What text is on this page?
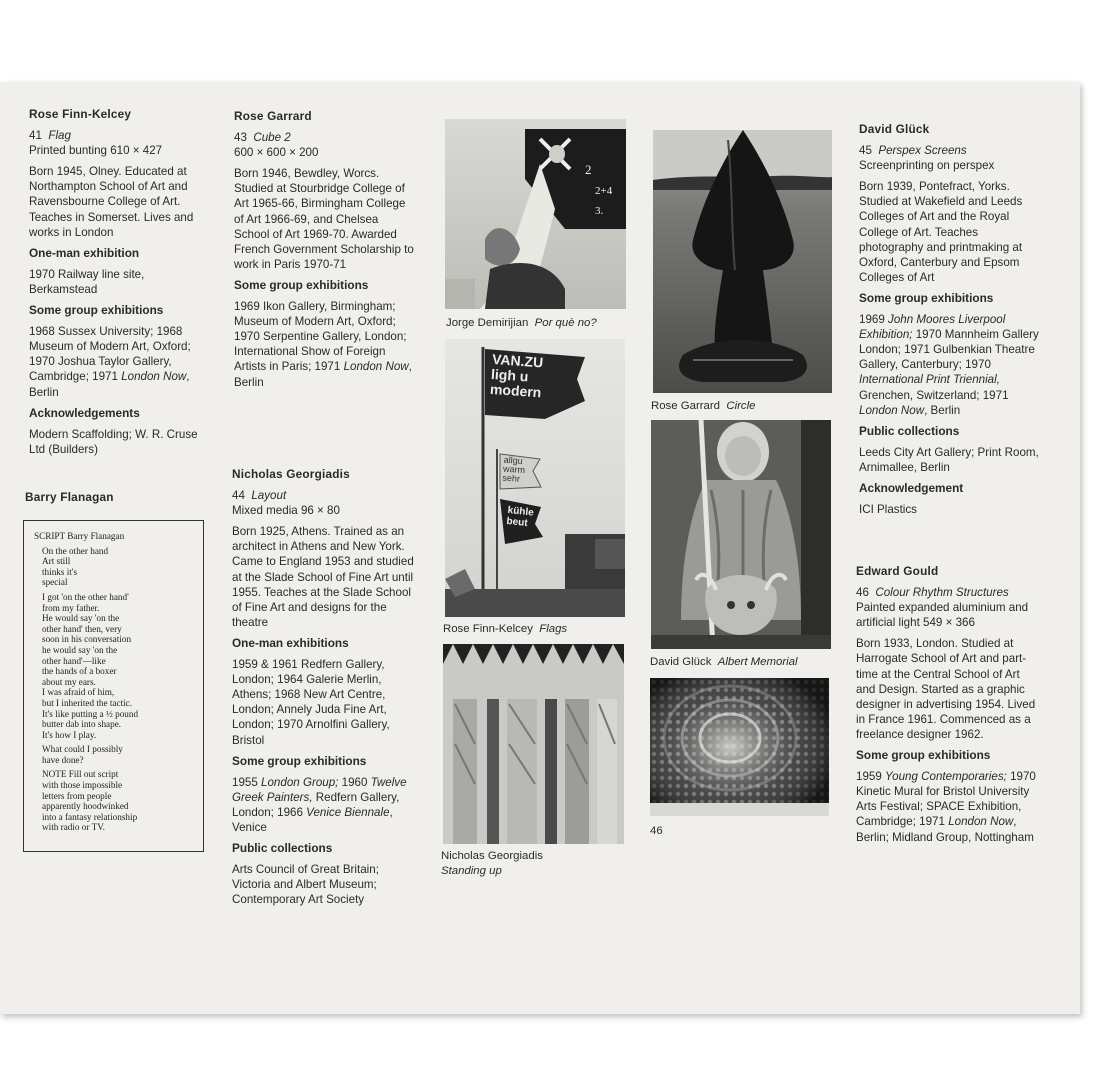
Rose Finn-Kelcey

41 Flag
Printed bunting 610 × 427

Born 1945, Olney. Educated at Northampton School of Art and Ravensbourne College of Art. Teaches in Somerset. Lives and works in London

One-man exhibition

1970 Railway line site, Berkamstead

Some group exhibitions

1968 Sussex University; 1968 Museum of Modern Art, Oxford; 1970 Joshua Taylor Gallery, Cambridge; 1971 London Now, Berlin

Acknowledgements

Modern Scaffolding; W. R. Cruse Ltd (Builders)

Barry Flanagan

SCRIPT Barry Flanagan

On the other hand
Art still
thinks it's
special

I got 'on the other hand'
from my father.
He would say 'on the
other hand' then, very
soon in his conversation
he would say 'on the
other hand'—like
the hands of a boxer
about my ears.
I was afraid of him,
but I inherited the tactic.
It's like putting a ½ pound
butter dab into shape.
It's how I play.

What could I possibly
have done?

NOTE Fill out script
with those impossible
letters from people
apparently hoodwinked
into a fantasy relationship
with radio or TV.

Rose Garrard

43 Cube 2
600 × 600 × 200

Born 1946, Bewdley, Worcs. Studied at Stourbridge College of Art 1965-66, Birmingham College of Art 1966-69, and Chelsea School of Art 1969-70. Awarded French Government Scholarship to work in Paris 1970-71

Some group exhibitions

1969 Ikon Gallery, Birmingham; Museum of Modern Art, Oxford; 1970 Serpentine Gallery, London; International Show of Foreign Artists in Paris; 1971 London Now, Berlin

Nicholas Georgiadis

44 Layout
Mixed media 96 × 80

Born 1925, Athens. Trained as an architect in Athens and New York. Came to England 1953 and studied at the Slade School of Fine Art until 1955. Teaches at the Slade School of Fine Art and designs for the theatre

One-man exhibitions

1959 & 1961 Redfern Gallery, London; 1964 Galerie Merlin, Athens; 1968 New Art Centre, London; Annely Juda Fine Art, London; 1970 Arnolfini Gallery, Bristol

Some group exhibitions

1955 London Group; 1960 Twelve Greek Painters, Redfern Gallery, London; 1966 Venice Biennale, Venice

Public collections

Arts Council of Great Britain; Victoria and Albert Museum; Contemporary Art Society

2
2+4
3.
Jorge Demirijian Por què no?
VAN.ZU
ligh u
modern
allgu
warm
sehr
kühle
beut
Rose Finn-Kelcey Flags
Nicholas Georgiadis
Standing up
Rose Garrard Circle
David Glück Albert Memorial
46

David Glück

45 Perspex Screens
Screenprinting on perspex

Born 1939, Pontefract, Yorks. Studied at Wakefield and Leeds Colleges of Art and the Royal College of Art. Teaches photography and printmaking at Oxford, Canterbury and Epsom Colleges of Art

Some group exhibitions

1969 John Moores Liverpool Exhibition; 1970 Mannheim Gallery London; 1971 Gulbenkian Theatre Gallery, Canterbury; 1970 International Print Triennial, Grenchen, Switzerland; 1971 London Now, Berlin

Public collections

Leeds City Art Gallery; Print Room, Arnimallee, Berlin

Acknowledgement

ICI Plastics

Edward Gould

46 Colour Rhythm Structures
Painted expanded aluminium and artificial light 549 × 366

Born 1933, London. Studied at Harrogate School of Art and part-time at the Central School of Art and Design. Started as a graphic designer in advertising 1954. Lived in France 1961. Commenced as a freelance designer 1962.

Some group exhibitions

1959 Young Contemporaries; 1970 Kinetic Mural for Bristol University Arts Festival; SPACE Exhibition, Cambridge; 1971 London Now, Berlin; Midland Group, Nottingham
